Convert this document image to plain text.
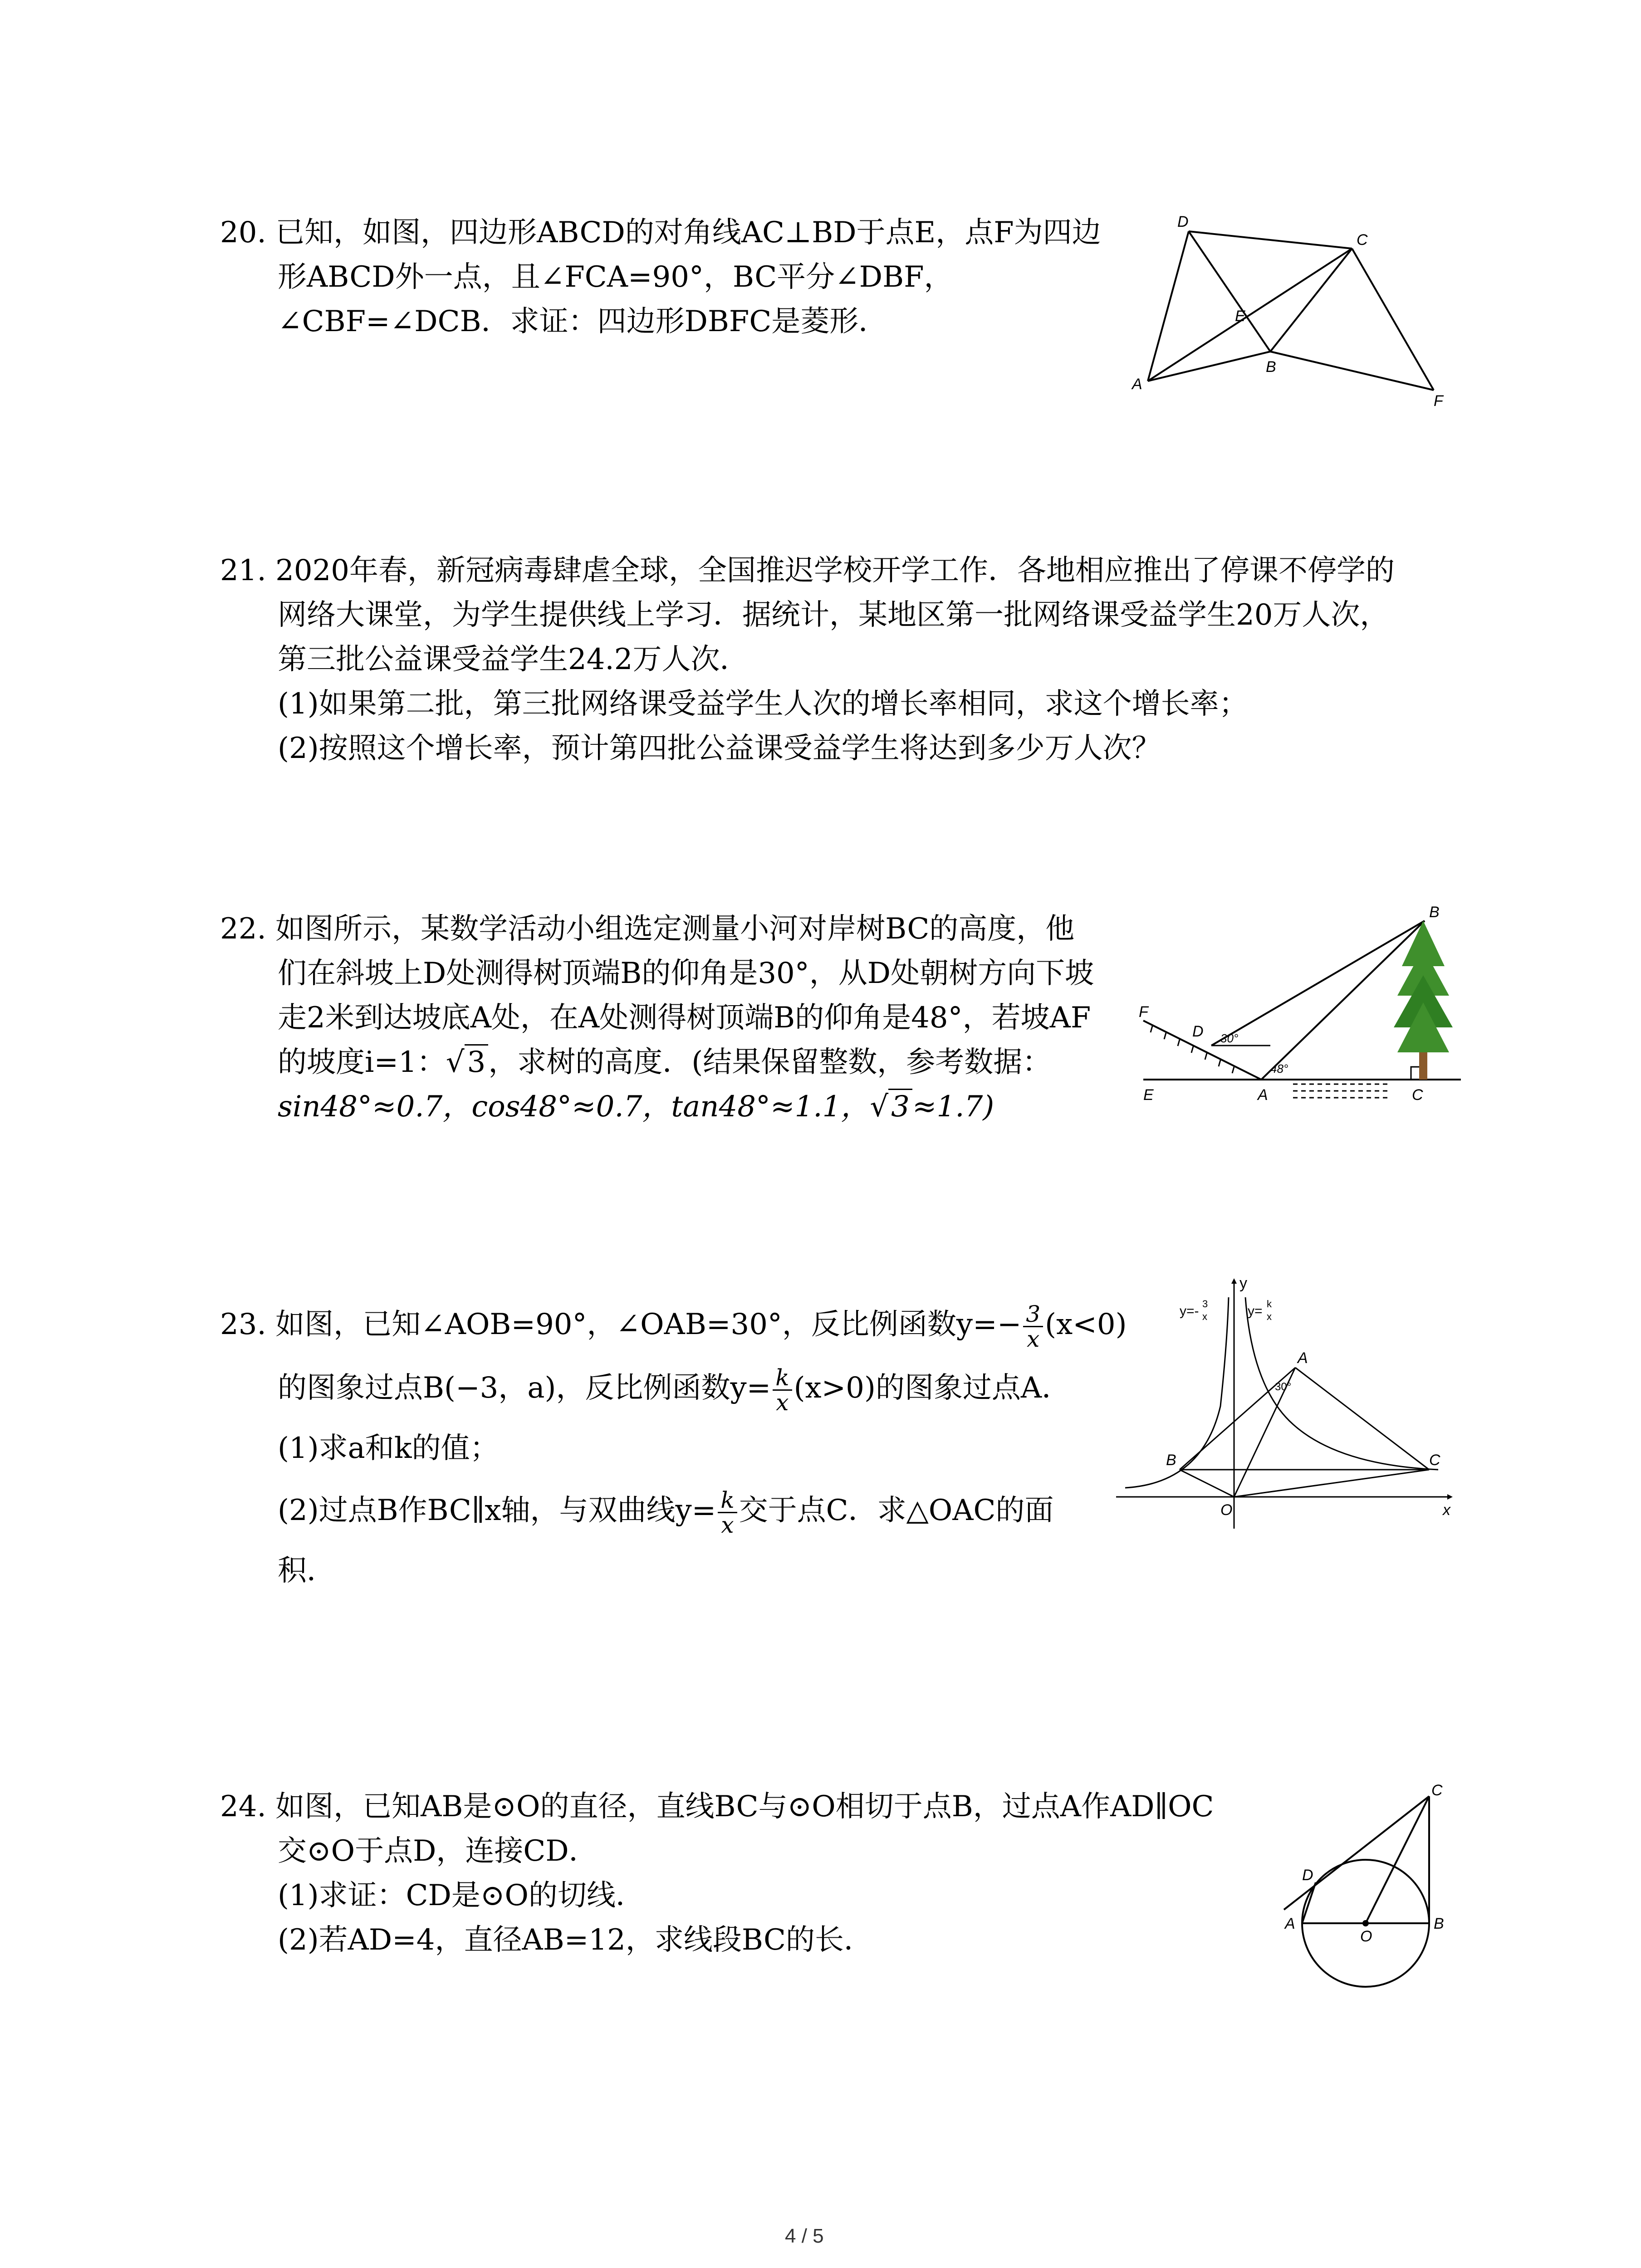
20. 已知，如图，四边形ABCD的对角线AC⊥BD于点E，点F为四边
形ABCD外一点，且∠FCA=90°，BC平分∠DBF，
∠CBF=∠DCB．求证：四边形DBFC是菱形．
D
C
E
B
A
F
21. 2020年春，新冠病毒肆虐全球，全国推迟学校开学工作．各地相应推出了停课不停学的
网络大课堂，为学生提供线上学习．据统计，某地区第一批网络课受益学生20万人次，
第三批公益课受益学生24.2万人次．
(1)如果第二批，第三批网络课受益学生人次的增长率相同，求这个增长率；
(2)按照这个增长率，预计第四批公益课受益学生将达到多少万人次？
22. 如图所示，某数学活动小组选定测量小河对岸树BC的高度，他
们在斜坡上D处测得树顶端B的仰角是30°，从D处朝树方向下坡
走2米到达坡底A处，在A处测得树顶端B的仰角是48°，若坡AF
的坡度i=1：√3，求树的高度．(结果保留整数，参考数据：
sin48°≈0.7，cos48°≈0.7，tan48°≈1.1，√3≈1.7)
B
F
D 30°
48°
E	A	C
23. 如图，已知∠AOB=90°，∠OAB=30°，反比例函数$y=- \frac{3}{x} (x<0)$
的图象过点B(−3，a)，反比例函数$y= \frac{k}{x} (x>0)$的图象过点A．
(1)求a和k的值；
(2)过点B作BC∥x轴，与双曲线$y= \frac{k}{x}$ 交于点C．求△OAC的面
积．
y
y=- 3
x	y= k
x
A
30°
B	C
O	x
24. 如图，已知AB是⊙O的直径，直线BC与⊙O相切于点B，过点A作AD∥OC
交⊙O于点D，连接CD．
(1)求证：CD是⊙O的切线．
(2)若AD=4，直径AB=12，求线段BC的长．
C
D
A
O
B
4 / 5
